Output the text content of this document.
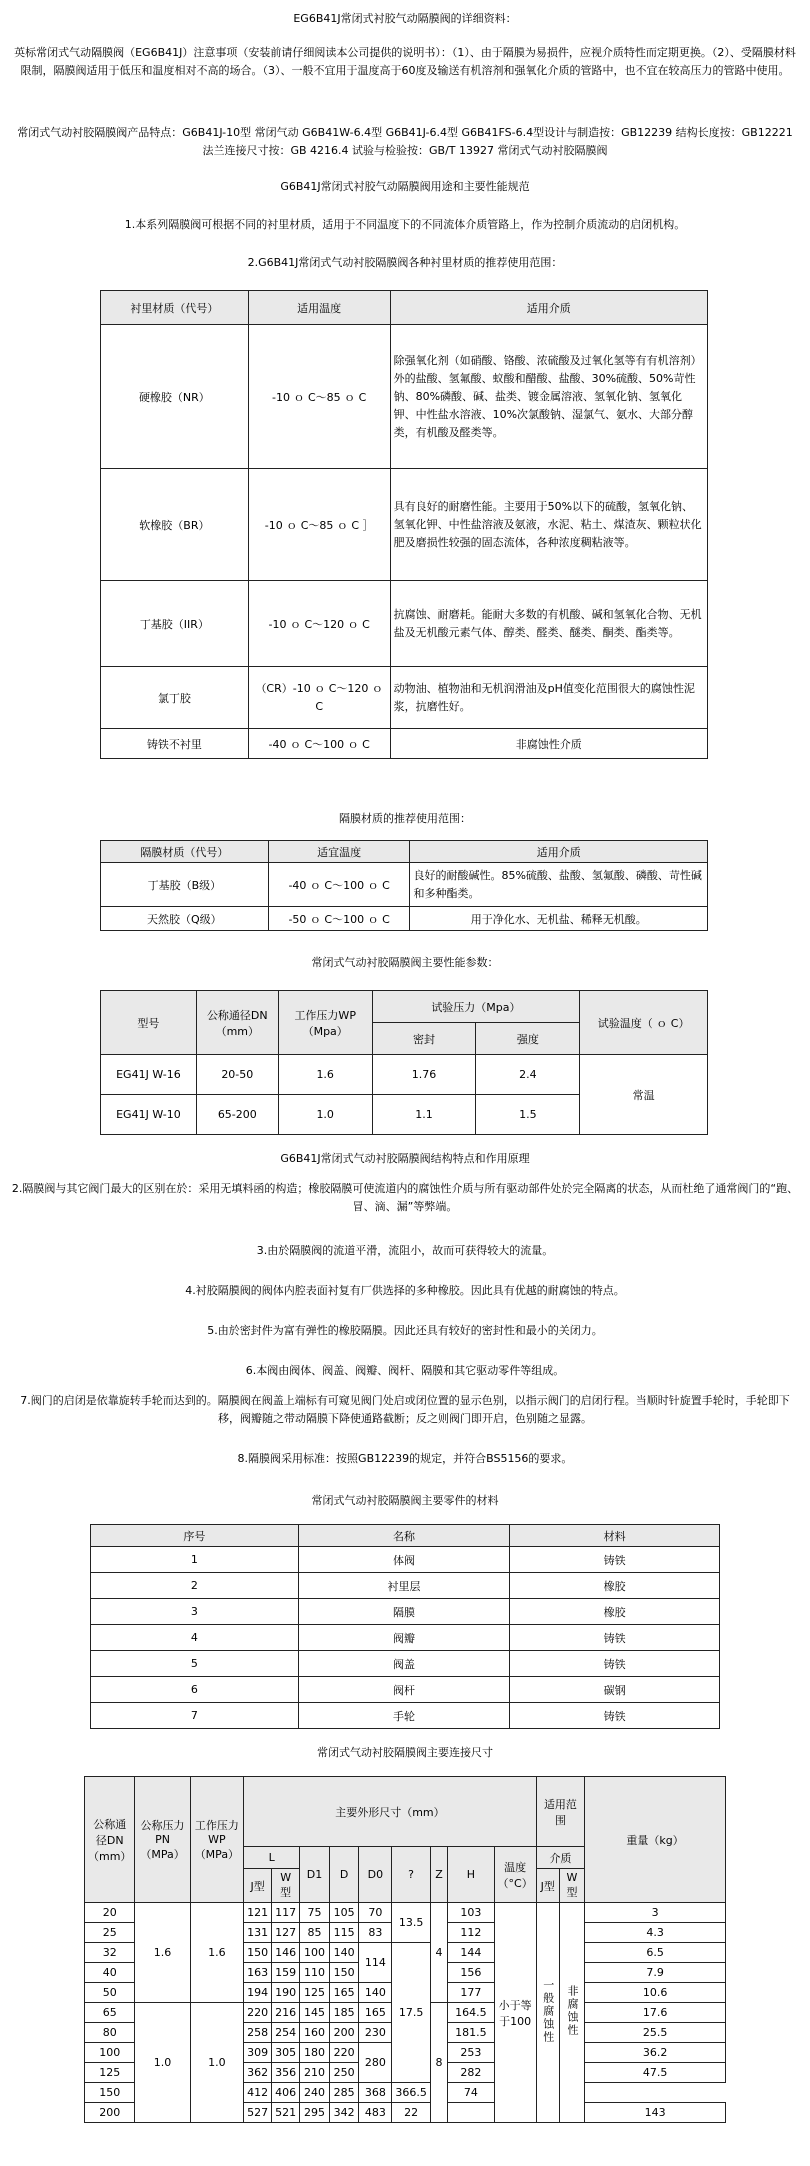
EG6B41J常闭式衬胶气动隔膜阀的详细资料：
英标常闭式气动隔膜阀（EG6B41J）注意事项（安装前请仔细阅读本公司提供的说明书）：（1）、由于隔膜为易损件，应视介质特性而定期更换。（2）、受隔膜材料限制，隔膜阀适用于低压和温度相对不高的场合。（3）、一般不宜用于温度高于60度及输送有机溶剂和强氧化介质的管路中，也不宜在较高压力的管路中使用。
常闭式气动衬胶隔膜阀产品特点：G6B41J-10型 常闭气动 G6B41W-6.4型 G6B41J-6.4型 G6B41FS-6.4型设计与制造按：GB12239 结构长度按：GB12221 法兰连接尺寸按：GB 4216.4 试验与检验按：GB/T 13927 常闭式气动衬胶隔膜阀
G6B41J常闭式衬胶气动隔膜阀用途和主要性能规范
1.本系列隔膜阀可根据不同的衬里材质，适用于不同温度下的不同流体介质管路上，作为控制介质流动的启闭机构。
2.G6B41J常闭式气动衬胶隔膜阀各种衬里材质的推荐使用范围：
衬里材质（代号）	适用温度	适用介质
硬橡胶（NR）	-10 ｏ C～85 ｏ C	除强氧化剂（如硝酸、铬酸、浓硫酸及过氧化氢等有有机溶剂）外的盐酸、氢氟酸、蚁酸和醋酸、盐酸、30%硫酸、50%苛性钠、80%磷酸、碱、盐类、镀金属溶液、氢氧化钠、氢氧化钾、中性盐水溶液、10%次氯酸钠、湿氯气、氨水、大部分醇类，有机酸及醛类等。
软橡胶（BR）	-10 ｏ C～85 ｏ C ］	具有良好的耐磨性能。主要用于50%以下的硫酸，氢氧化钠、氢氧化钾、中性盐溶液及氨液，水泥、粘土、煤渣灰、颗粒状化肥及磨损性较强的固态流体，各种浓度稠粘液等。
丁基胶（IIR）	-10 ｏ C～120 ｏ C	抗腐蚀、耐磨耗。能耐大多数的有机酸、碱和氢氧化合物、无机盐及无机酸元素气体、醇类、醛类、醚类、酮类、酯类等。
氯丁胶	（CR）-10 ｏ C～120 ｏ C	动物油、植物油和无机润滑油及pH值变化范围很大的腐蚀性泥浆，抗磨性好。
铸铁不衬里	-40 ｏ C～100 ｏ C	非腐蚀性介质
隔膜材质的推荐使用范围：
隔膜材质（代号）	适宜温度	适用介质
丁基胶（B级）	-40 ｏ C～100 ｏ C	良好的耐酸碱性。85%硫酸、盐酸、氢氟酸、磷酸、苛性碱和多种酯类。
天然胶（Q级）	-50 ｏ C～100 ｏ C	用于净化水、无机盐、稀释无机酸。
常闭式气动衬胶隔膜阀主要性能参数：
型号	公称通径DN（mm）	工作压力WP（Mpa）	试验压力（Mpa）		试验温度（ ｏ C）
			密封	强度	
EG41J W-16	20-50	1.6	1.76	2.4	常温
EG41J W-10	65-200	1.0	1.1	1.5	
G6B41J常闭式气动衬胶隔膜阀结构特点和作用原理
2.隔膜阀与其它阀门最大的区别在於：采用无填料函的构造；橡胶隔膜可使流道内的腐蚀性介质与所有驱动部件处於完全隔离的状态，从而杜绝了通常阀门的“跑、冒、滴、漏”等弊端。
3.由於隔膜阀的流道平滑，流阻小，故而可获得较大的流量。
4.衬胶隔膜阀的阀体内腔表面衬复有厂供选择的多种橡胶。因此具有优越的耐腐蚀的特点。
5.由於密封件为富有弹性的橡胶隔膜。因此还具有较好的密封性和最小的关闭力。
6.本阀由阀体、阀盖、阀瓣、阀杆、隔膜和其它驱动零件等组成。
7.阀门的启闭是依靠旋转手轮而达到的。隔膜阀在阀盖上端标有可窥见阀门处启或闭位置的显示色别，以指示阀门的启闭行程。当顺时针旋置手轮时，手轮即下移，阀瓣随之带动隔膜下降使通路截断；反之则阀门即开启，色别随之显露。
8.隔膜阀采用标准：按照GB12239的规定，并符合BS5156的要求。
常闭式气动衬胶隔膜阀主要零件的材料
序号	名称	材料
1	体阀	铸铁
2	衬里层	橡胶
3	隔膜	橡胶
4	阀瓣	铸铁
5	阀盖	铸铁
6	阀杆	碳钢
7	手轮	铸铁
常闭式气动衬胶隔膜阀主要连接尺寸
公称通径DN（mm）	公称压力PN（MPa）	工作压力WP（MPa）	主要外形尺寸（mm）									适用范围		重量（kg）
			L		D1	D	D0	?	Z	H	温度（°C）	介质		
			J型	W型								J型	W型	
20	1.6	1.6	121	117	75	105	70	13.5	4	103	小于等于100	一般腐蚀性	非腐蚀性	3
25			131	127	85	115	83			112				4.3
32			150	146	100	140	114	17.5		144				6.5
40			163	159	110	150				156				7.9
50			194	190	125	165	140			177				10.6
65	1.0	1.0	220	216	145	185	165		8	164.5				17.6
80			258	254	160	200	230			181.5				25.5
100			309	305	180	220	280			253				36.2
125			362	356	210	250				282				47.5
150			412	406	240	285	368	366.5		74				
200			527	521	295	342	483	22						143
